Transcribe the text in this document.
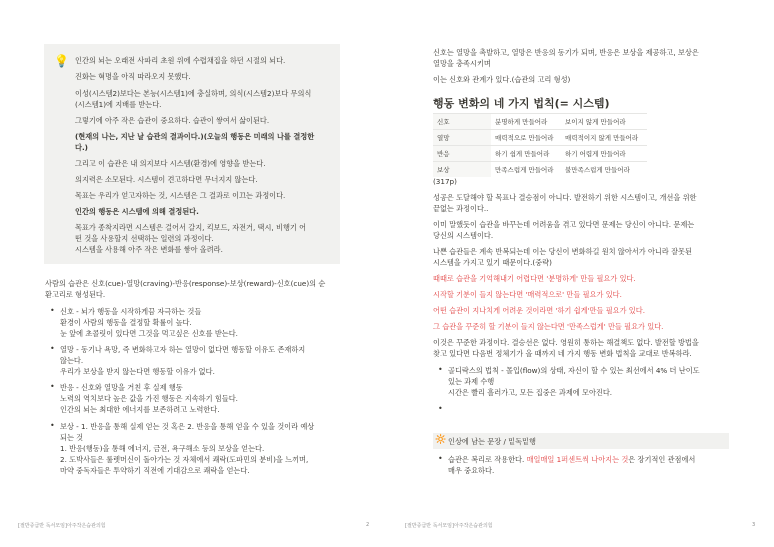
💡 인간의 뇌는 오래전 사파리 초원 위에 수렵채집을 하던 시절의 뇌다.

진화는 혁명을 아직 따라오지 못했다.

이성(시스템2)보다는 본능(시스템1)에 충실하며, 의식(시스템2)보다 무의식

(시스템1)에 지배를 받는다.

그렇기에 아주 작은 습관이 중요하다. 습관이 쌓여서 삶이된다.

(현재의 나는, 지난 날 습관의 결과이다.)(오늘의 행동은 미래의 나를 결정한

다.)

그리고 이 습관은 내 의지보다 시스템(환경)에 영향을 받는다.

의지력은 소모된다. 시스템이 견고하다면 무너지지 않는다.

목표는 우리가 얻고자하는 것, 시스템은 그 결과로 이끄는 과정이다.

인간의 행동은 시스템에 의해 결정된다.

목표가 종착지라면 시스템은 걸어서 갈지, 킥보드, 자전거, 택시, 비행기 어

떤 것을 사용할지 선택하는 일련의 과정이다.

시스템을 사용해 아주 작은 변화를 쌓아 올려라.

사람의 습관은 신호(cue)-열망(craving)-반응(response)-보상(reward)-신호(cue)의 순

환고리로 형성된다.

• 신호 - 뇌가 행동을 시작하게끔 자극하는 것들

환경이 사람의 행동을 결정할 확률이 높다.

눈 앞에 초콜릿이 있다면 그것을 먹고싶은 신호를 받는다.

• 열망 - 동기나 욕망, 즉 변화하고자 하는 열망이 없다면 행동할 이유도 존재하지

않는다.

우리가 보상을 받지 않는다면 행동할 이유가 없다.

• 반응 - 신호와 열망을 거친 후 실제 행동

노력의 역치보다 높은 값을 가진 행동은 지속하기 힘들다.

인간의 뇌는 최대한 에너지를 보존하려고 노력한다.

• 보상 - 1. 반응을 통해 실제 얻는 것 혹은 2. 반응을 통해 얻을 수 있을 것이라 예상

되는 것

1. 반응(행동)을 통해 에너지, 금전, 욕구해소 등의 보상을 얻는다.

2. 도박사들은 룰렛머신이 돌아가는 것 자체에서 쾌락(도파민의 분비)을 느끼며,

마약 중독자들은 투약하기 직전에 기대감으로 쾌락을 얻는다.

[절반증급반 독서모임]아주작은습관의힘	2

신호는 열망을 촉발하고, 열망은 반응의 동기가 되며, 반응은 보상을 제공하고, 보상은

열망을 충족시키며

이는 신호와 관계가 있다.(습관의 고리 형성)

행동 변화의 네 가지 법칙(= 시스템)

신호	분명하게 만들어라	보이지 않게 만들어라
열망	매력적으로 만들어라	매력적이지 않게 만들어라
반응	하기 쉽게 만들어라	하기 어렵게 만들어라
보상	만족스럽게 만들어라	불만족스럽게 만들어라

(317p)

성공은 도달해야 할 목표나 결승점이 아니다. 발전하기 위한 시스템이고, 개선을 위한

끝없는 과정이다..

이미 말했듯이 습관을 바꾸는데 어려움을 겪고 있다면 문제는 당신이 아니다. 문제는

당신의 시스템이다.

나쁜 습관들은 계속 반복되는데 이는 당신이 변화하길 원치 않아서가 아니라 잘못된

시스템을 가지고 있기 때문이다.(중략)

때때로 습관을 기억해내기 어렵다면 '분명하게' 만들 필요가 있다.

시작할 기분이 들지 않는다면 '매력적으로' 만들 필요가 있다.

어떤 습관이 지나치게 어려운 것이라면 '하기 쉽게'만들 필요가 있다.

그 습관을 꾸준히 할 기분이 들지 않는다면 '만족스럽게' 만들 필요가 있다.

이것은 꾸준한 과정이다. 결승선은 없다. 영원히 통하는 해결책도 없다. 발전할 방법을

찾고 있다면 다음번 정체기가 올 때까지 네 가지 행동 변화 법칙을 교대로 반복하라.

• 골디락스의 법칙 - 몰입(flow)의 상태, 자신이 할 수 있는 최선에서 4% 더 난이도

있는 과제 수행

시간은 빨리 흘러가고, 모든 집중은 과제에 모아진다.

•
🔆 인상에 남는 문장 / 밑독밑행

• 습관은 복리로 작용한다. 매일매일 1퍼센트씩 나아지는 것은 장기적인 관점에서

매우 중요하다.

[절반증급반 독서모임]아주작은습관의힘	3
